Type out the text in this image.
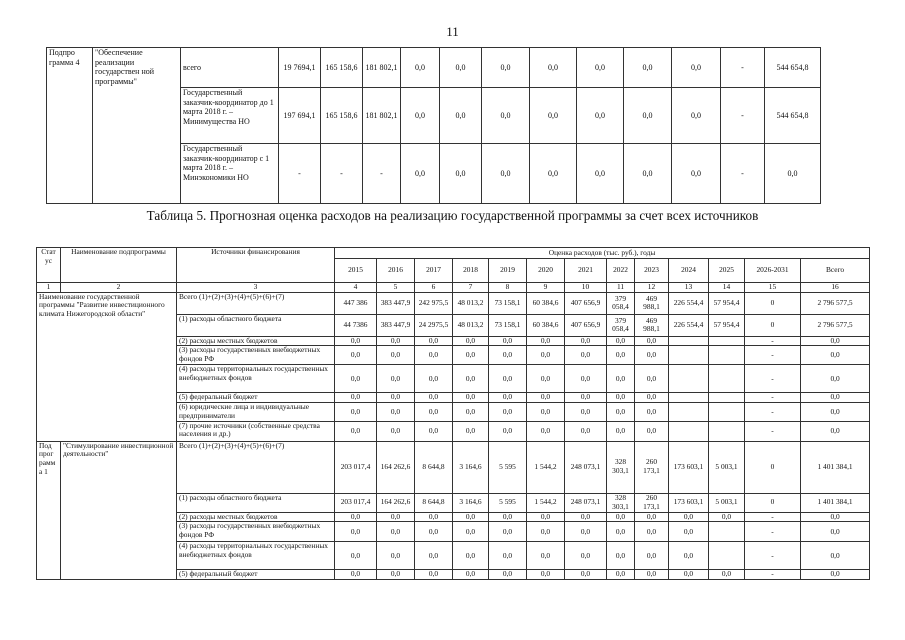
11
Подпро грамма 4	"Обеспечение реализации государствен ной программы"	всего	19 7694,1	165 158,6	181 802,1	0,0	0,0	0,0	0,0	0,0	0,0	0,0	-	544 654,8
		Государственный заказчик-координатор до 1 марта 2018 г. – Минимущества НО	197 694,1	165 158,6	181 802,1	0,0	0,0	0,0	0,0	0,0	0,0	0,0	-	544 654,8
		Государственный заказчик-координатор с 1 марта 2018 г. – Минэкономики НО	-	-	-	0,0	0,0	0,0	0,0	0,0	0,0	0,0	-	0,0
Таблица 5. Прогнозная оценка расходов на реализацию государственной программы за счет всех источников
Стат ус	Наименование подпрограммы	Источники финансирования	Оценка расходов (тыс. руб.), годы												
			2015	2016	2017	2018	2019	2020	2021	2022	2023	2024	2025	2026-2031	Всего
1	2	3	4	5	6	7	8	9	10	11	12	13	14	15	16
Наименование государственной программы "Развитие инвестиционного климата Нижегородской области"		Всего (1)+(2)+(3)+(4)+(5)+(6)+(7)	447 386	383 447,9	242 975,5	48 013,2	73 158,1	60 384,6	407 656,9	379 058,4	469 988,1	226 554,4	57 954,4	0	2 796 577,5
		(1) расходы областного бюджета	44 7386	383 447,9	24 2975,5	48 013,2	73 158,1	60 384,6	407 656,9	379 058,4	469 988,1	226 554,4	57 954,4	0	2 796 577,5
		(2) расходы местных бюджетов	0,0	0,0	0,0	0,0	0,0	0,0	0,0	0,0	0,0			-	0,0
		(3) расходы государственных внебюджетных фондов РФ	0,0	0,0	0,0	0,0	0,0	0,0	0,0	0,0	0,0			-	0,0
		(4) расходы территориальных государственных внебюджетных фондов	0,0	0,0	0,0	0,0	0,0	0,0	0,0	0,0	0,0			-	0,0
		(5) федеральный бюджет	0,0	0,0	0,0	0,0	0,0	0,0	0,0	0,0	0,0			-	0,0
		(6) юридические лица и индивидуальные предприниматели	0,0	0,0	0,0	0,0	0,0	0,0	0,0	0,0	0,0			-	0,0
		(7) прочие источники (собственные средства населения и др.)	0,0	0,0	0,0	0,0	0,0	0,0	0,0	0,0	0,0			-	0,0
Под прог рамм а 1	"Стимулирование инвестиционной деятельности"	Всего (1)+(2)+(3)+(4)+(5)+(6)+(7)	203 017,4	164 262,6	8 644,8	3 164,6	5 595	1 544,2	248 073,1	328 303,1	260 173,1	173 603,1	5 003,1	0	1 401 384,1
		(1) расходы областного бюджета	203 017,4	164 262,6	8 644,8	3 164,6	5 595	1 544,2	248 073,1	328 303,1	260 173,1	173 603,1	5 003,1	0	1 401 384,1
		(2) расходы местных бюджетов	0,0	0,0	0,0	0,0	0,0	0,0	0,0	0,0	0,0	0,0	0,0	-	0,0
		(3) расходы государственных внебюджетных фондов РФ	0,0	0,0	0,0	0,0	0,0	0,0	0,0	0,0	0,0	0,0		-	0,0
		(4) расходы территориальных государственных внебюджетных фондов	0,0	0,0	0,0	0,0	0,0	0,0	0,0	0,0	0,0	0,0		-	0,0
		(5) федеральный бюджет	0,0	0,0	0,0	0,0	0,0	0,0	0,0	0,0	0,0	0,0	0,0	-	0,0
